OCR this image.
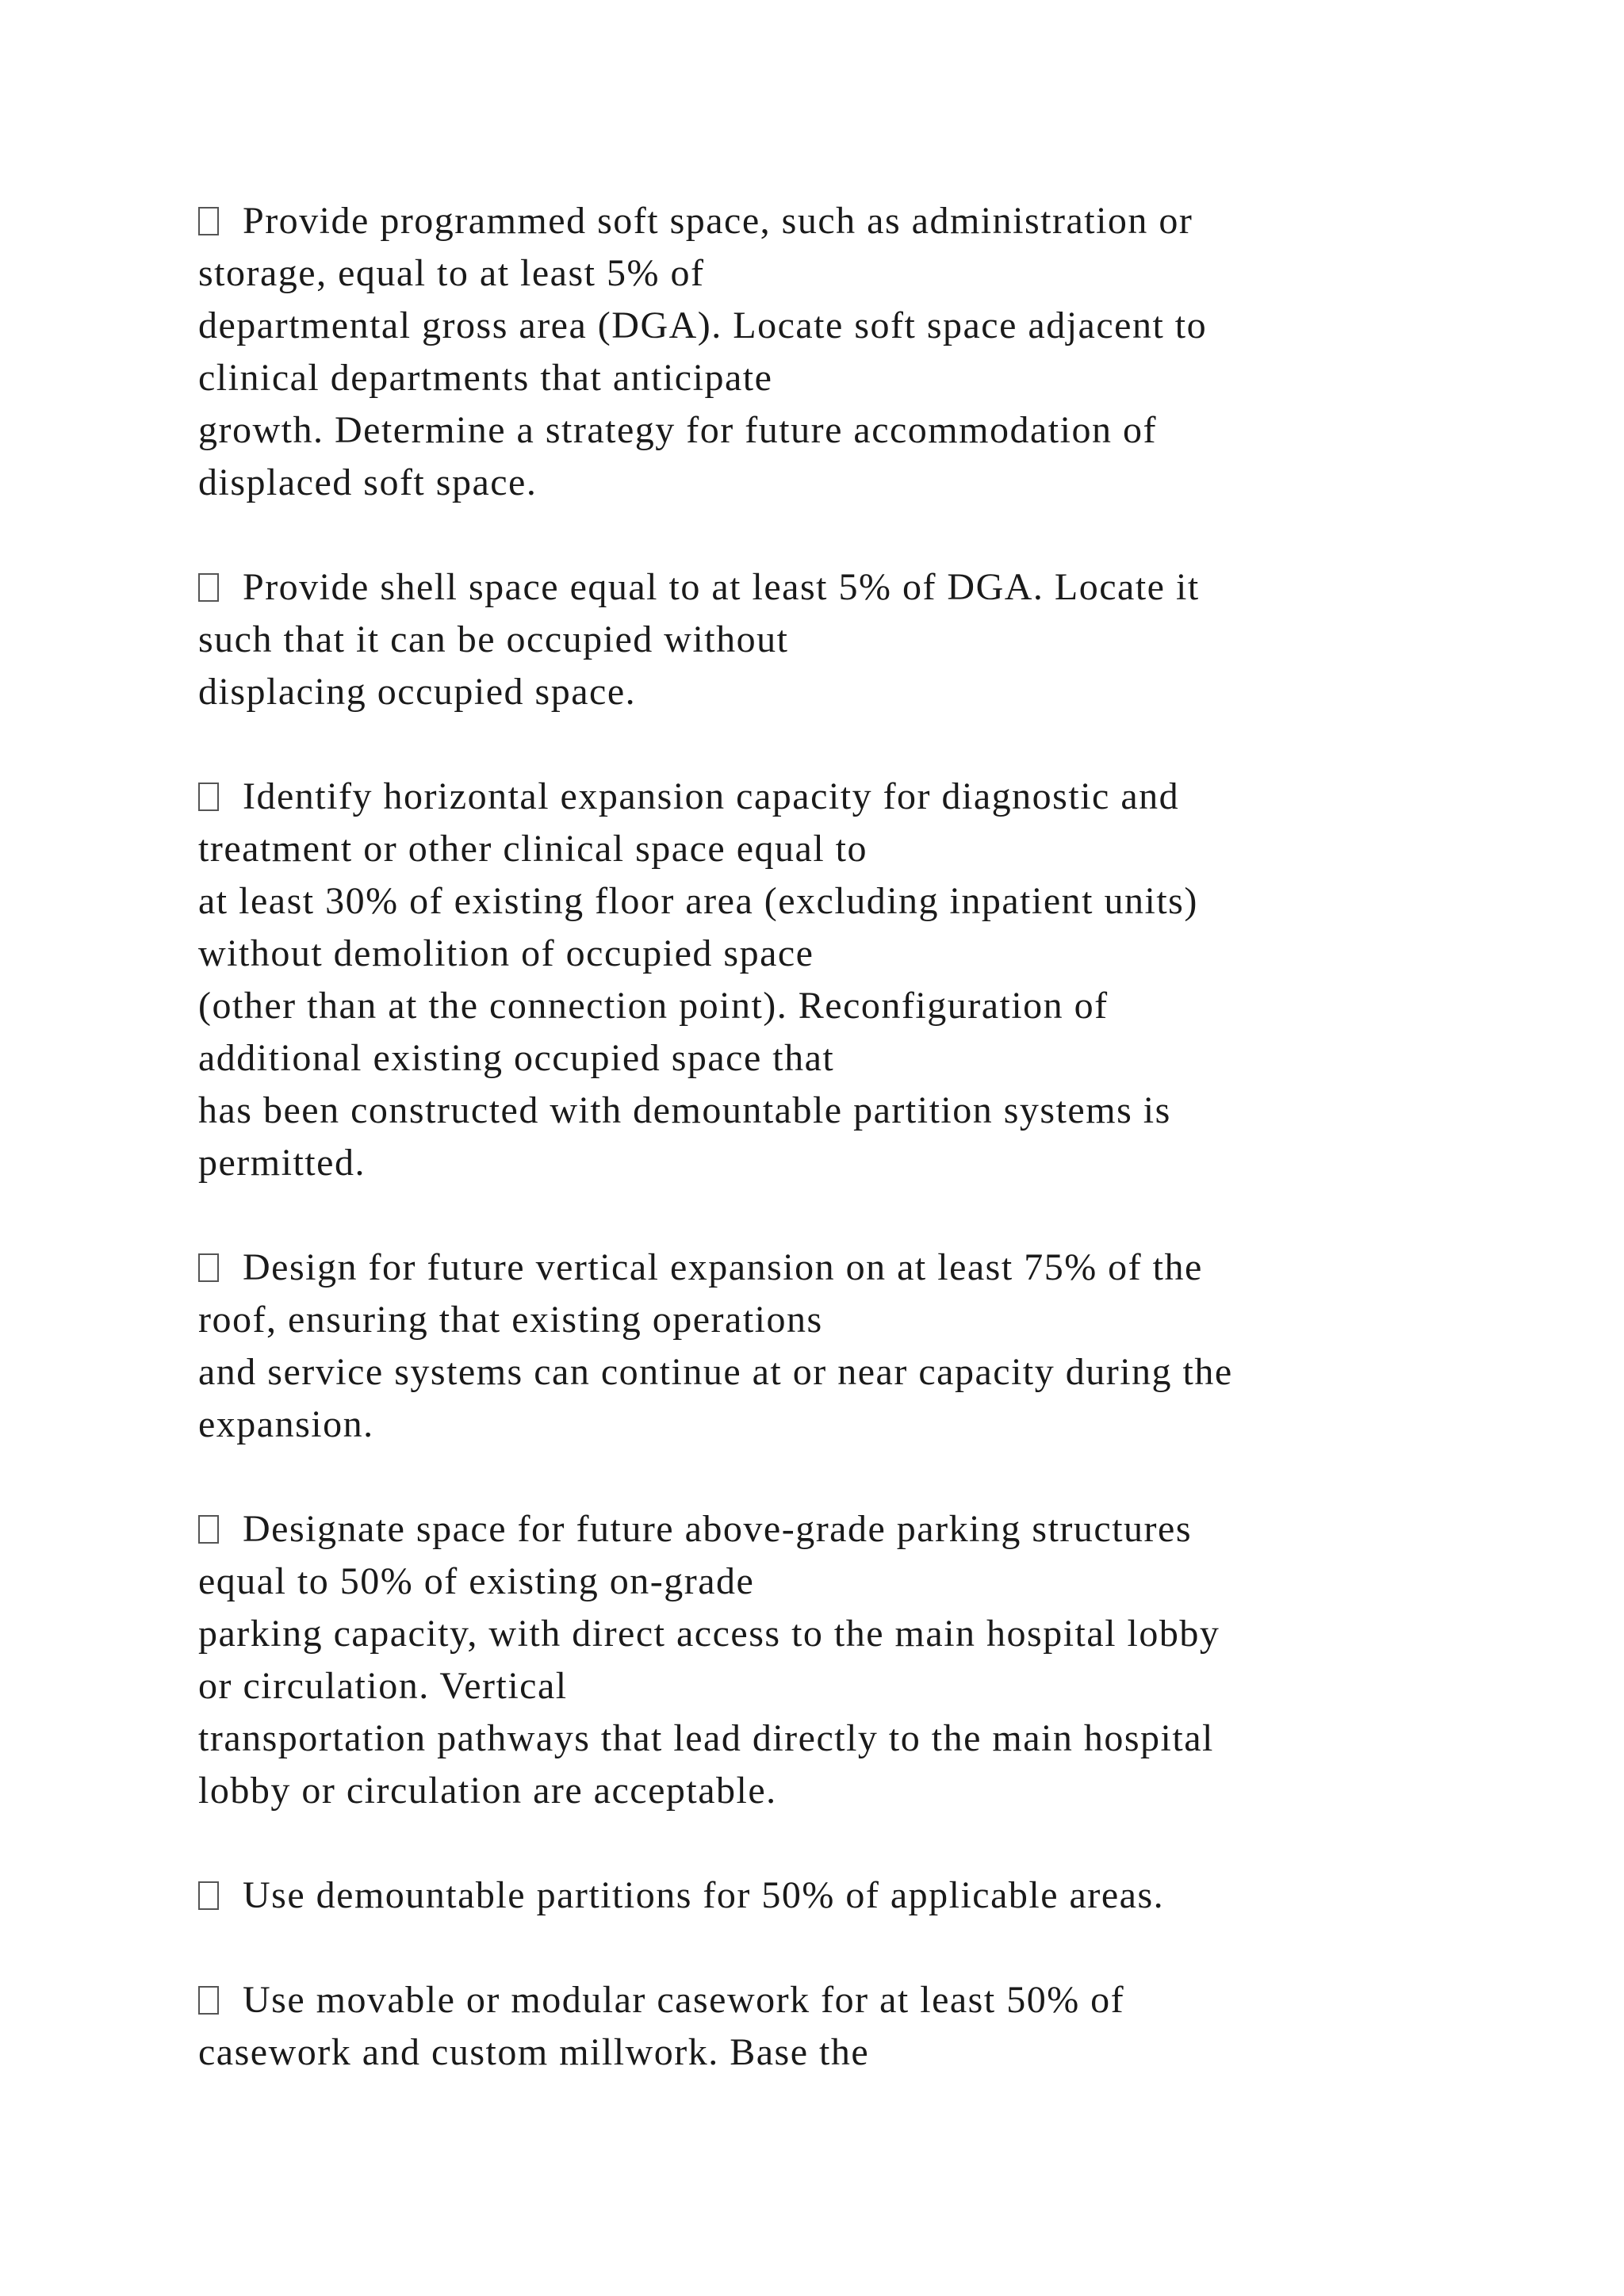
Provide programmed soft space, such as administration or
storage, equal to at least 5% of
departmental gross area (DGA). Locate soft space adjacent to
clinical departments that anticipate
growth. Determine a strategy for future accommodation of
displaced soft space.
Provide shell space equal to at least 5% of DGA. Locate it
such that it can be occupied without
displacing occupied space.
Identify horizontal expansion capacity for diagnostic and
treatment or other clinical space equal to
at least 30% of existing floor area (excluding inpatient units)
without demolition of occupied space
(other than at the connection point). Reconfiguration of
additional existing occupied space that
has been constructed with demountable partition systems is
permitted.
Design for future vertical expansion on at least 75% of the
roof, ensuring that existing operations
and service systems can continue at or near capacity during the
expansion.
Designate space for future above-grade parking structures
equal to 50% of existing on-grade
parking capacity, with direct access to the main hospital lobby
or circulation. Vertical
transportation pathways that lead directly to the main hospital
lobby or circulation are acceptable.
Use demountable partitions for 50% of applicable areas.
Use movable or modular casework for at least 50% of
casework and custom millwork. Base the
